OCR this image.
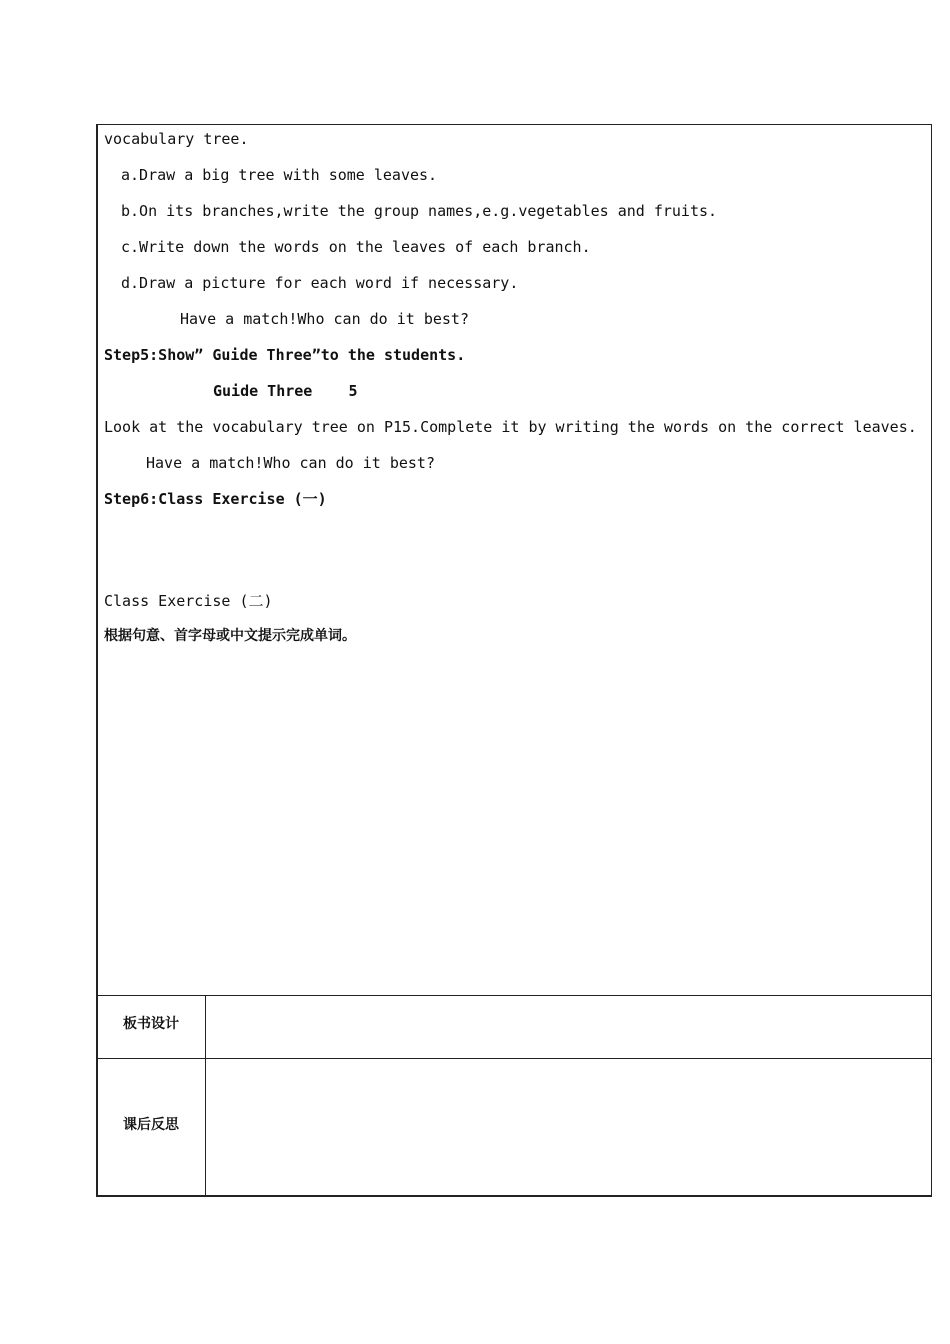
vocabulary tree.
a.Draw a big tree with some leaves.
b.On its branches,write the group names,e.g.vegetables and fruits.
c.Write down the words on the leaves of each branch.
d.Draw a picture for each word if necessary.
Have a match!Who can do it best?
Step5:Showˮ Guide Threeˮto the students.
Guide Three    5
Look at the vocabulary tree on P15.Complete it by writing the words on the correct leaves.
Have a match!Who can do it best?
Step6:Class Exercise (一)
Class Exercise (二)
根据句意、首字母或中文提示完成单词。
板书设计
课后反思
